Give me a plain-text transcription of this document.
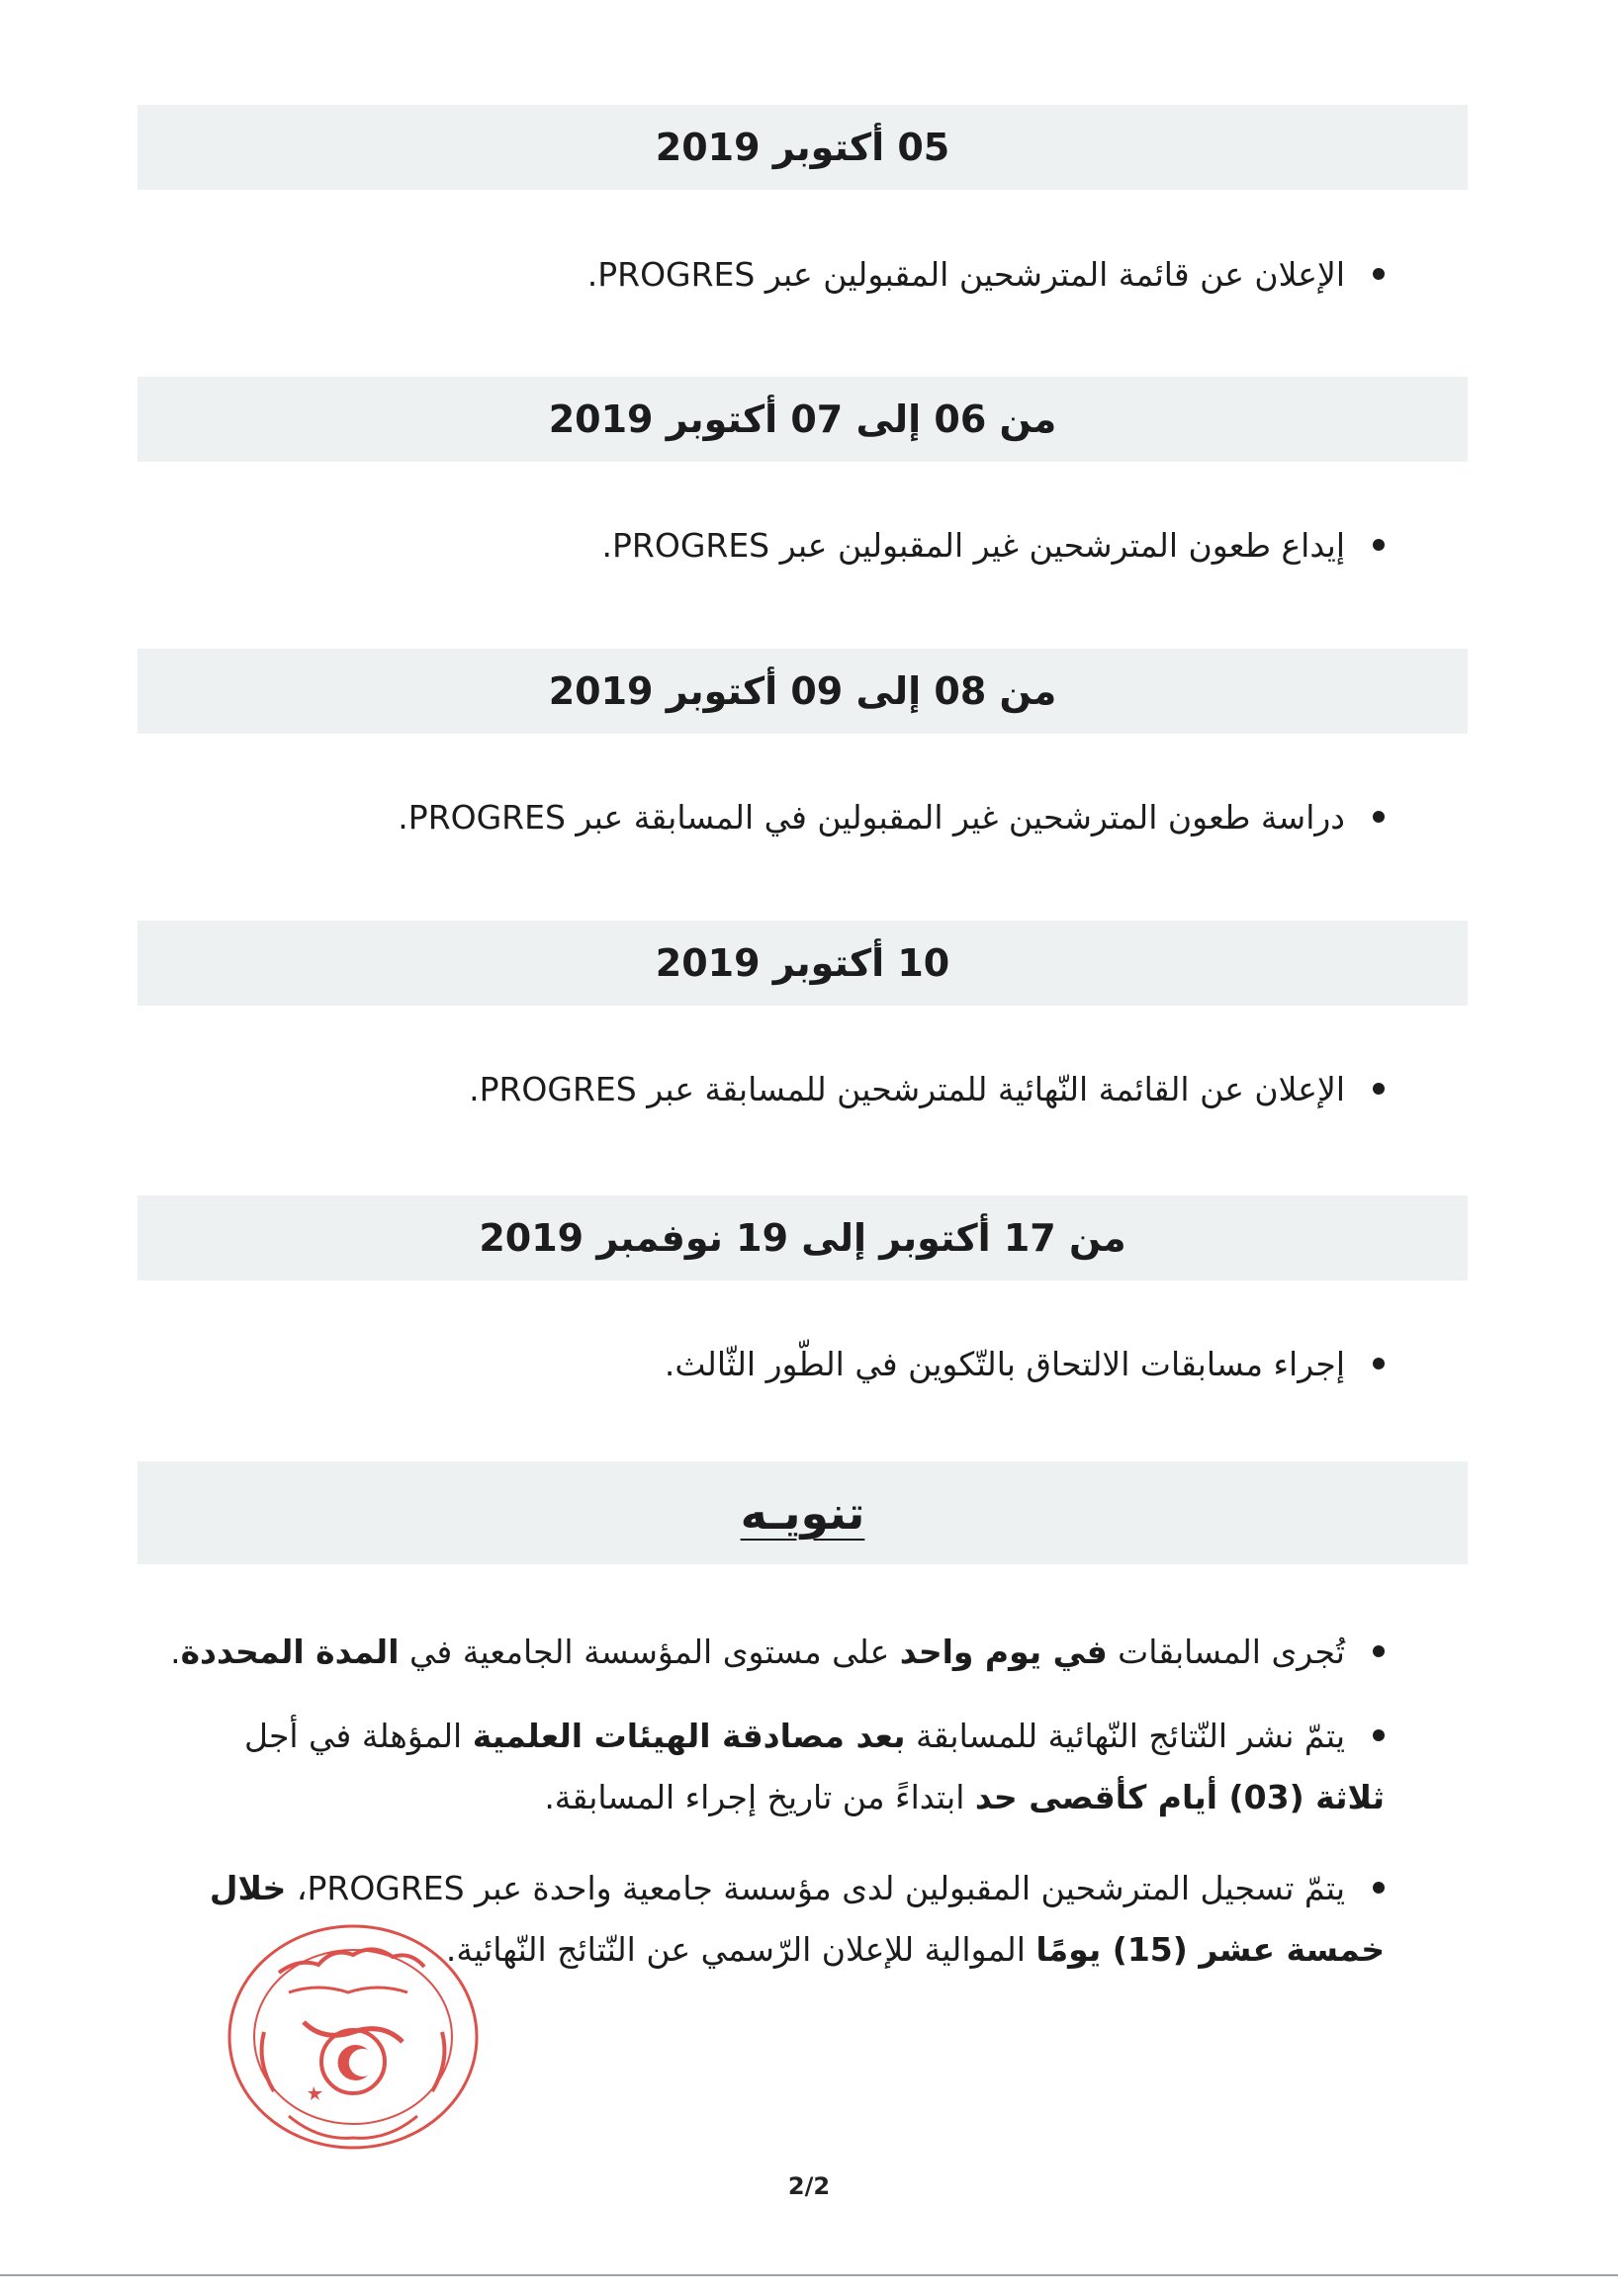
05 أكتوبر 2019
الإعلان عن قائمة المترشحين المقبولين عبر PROGRES.
من 06 إلى 07 أكتوبر 2019
إيداع طعون المترشحين غير المقبولين عبر PROGRES.
من 08 إلى 09 أكتوبر 2019
دراسة طعون المترشحين غير المقبولين في المسابقة عبر PROGRES.
10 أكتوبر 2019
الإعلان عن القائمة النّهائية للمترشحين للمسابقة عبر PROGRES.
من 17 أكتوبر إلى 19 نوفمبر 2019
إجراء مسابقات الالتحاق بالتّكوين في الطّور الثّالث.
تنويـه
تُجرى المسابقات في يوم واحد على مستوى المؤسسة الجامعية في المدة المحددة.
يتمّ نشر النّتائج النّهائية للمسابقة بعد مصادقة الهيئات العلمية المؤهلة في أجل ثلاثة (03) أيام كأقصى حد ابتداءً من تاريخ إجراء المسابقة.
يتمّ تسجيل المترشحين المقبولين لدى مؤسسة جامعية واحدة عبر PROGRES، خلال خمسة عشر (15) يومًا الموالية للإعلان الرّسمي عن النّتائج النّهائية.
2/2
